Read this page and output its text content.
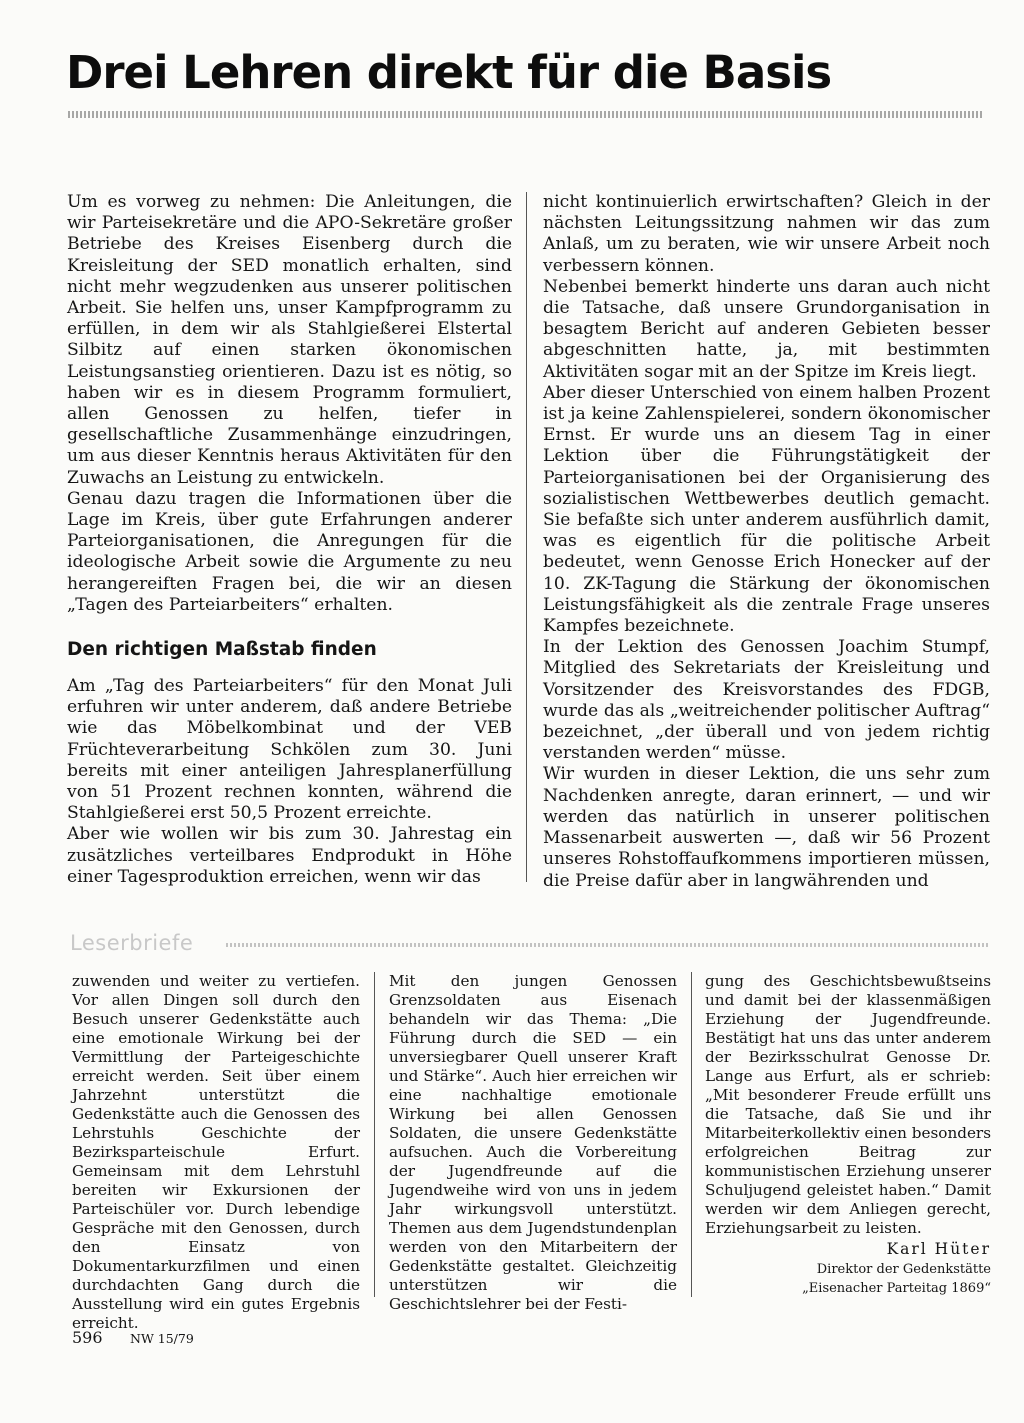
Drei Lehren direkt für die Basis

Um es vorweg zu nehmen: Die Anleitungen, die wir Parteisekretäre und die APO-Sekretäre großer Betriebe des Kreises Eisenberg durch die Kreisleitung der SED monatlich erhalten, sind nicht mehr wegzudenken aus unserer politischen Arbeit. Sie helfen uns, unser Kampfprogramm zu erfüllen, in dem wir als Stahlgießerei Elstertal Silbitz auf einen starken ökonomischen Leistungsanstieg orientieren. Dazu ist es nötig, so haben wir es in diesem Programm formuliert, allen Genossen zu helfen, tiefer in gesellschaftliche Zusammenhänge einzudringen, um aus dieser Kenntnis heraus Aktivitäten für den Zuwachs an Leistung zu entwickeln.

Genau dazu tragen die Informationen über die Lage im Kreis, über gute Erfahrungen anderer Parteiorganisationen, die Anregungen für die ideologische Arbeit sowie die Argumente zu neu herangereiften Fragen bei, die wir an diesen „Tagen des Parteiarbeiters“ erhalten.

Den richtigen Maßstab finden

Am „Tag des Parteiarbeiters“ für den Monat Juli erfuhren wir unter anderem, daß andere Betriebe wie das Möbelkombinat und der VEB Früchteverarbeitung Schkölen zum 30. Juni bereits mit einer anteiligen Jahresplanerfüllung von 51 Prozent rechnen konnten, während die Stahlgießerei erst 50,5 Prozent erreichte.

Aber wie wollen wir bis zum 30. Jahrestag ein zusätzliches verteilbares Endprodukt in Höhe einer Tagesproduktion erreichen, wenn wir das

nicht kontinuierlich erwirtschaften? Gleich in der nächsten Leitungssitzung nahmen wir das zum Anlaß, um zu beraten, wie wir unsere Arbeit noch verbessern können.

Nebenbei bemerkt hinderte uns daran auch nicht die Tatsache, daß unsere Grundorganisation in besagtem Bericht auf anderen Gebieten besser abgeschnitten hatte, ja, mit bestimmten Aktivitäten sogar mit an der Spitze im Kreis liegt.

Aber dieser Unterschied von einem halben Prozent ist ja keine Zahlenspielerei, sondern ökonomischer Ernst. Er wurde uns an diesem Tag in einer Lektion über die Führungstätigkeit der Parteiorganisationen bei der Organisierung des sozialistischen Wettbewerbes deutlich gemacht. Sie befaßte sich unter anderem ausführlich damit, was es eigentlich für die politische Arbeit bedeutet, wenn Genosse Erich Honecker auf der 10. ZK-Tagung die Stärkung der ökonomischen Leistungsfähigkeit als die zentrale Frage unseres Kampfes bezeichnete.

In der Lektion des Genossen Joachim Stumpf, Mitglied des Sekretariats der Kreisleitung und Vorsitzender des Kreisvorstandes des FDGB, wurde das als „weitreichender politischer Auftrag“ bezeichnet, „der überall und von jedem richtig verstanden werden“ müsse.

Wir wurden in dieser Lektion, die uns sehr zum Nachdenken anregte, daran erinnert, — und wir werden das natürlich in unserer politischen Massenarbeit auswerten —, daß wir 56 Prozent unseres Rohstoffaufkommens importieren müssen, die Preise dafür aber in langwährenden und

Leserbriefe

zuwenden und weiter zu vertiefen. Vor allen Dingen soll durch den Besuch unserer Gedenkstätte auch eine emotionale Wirkung bei der Vermittlung der Parteigeschichte erreicht werden. Seit über einem Jahrzehnt unterstützt die Gedenkstätte auch die Genossen des Lehrstuhls Geschichte der Bezirksparteischule Erfurt. Gemeinsam mit dem Lehrstuhl bereiten wir Exkursionen der Parteischüler vor. Durch lebendige Gespräche mit den Genossen, durch den Einsatz von Dokumentarkurzfilmen und einen durchdachten Gang durch die Ausstellung wird ein gutes Ergebnis erreicht.

Mit den jungen Genossen Grenzsoldaten aus Eisenach behandeln wir das Thema: „Die Führung durch die SED — ein unversiegbarer Quell unserer Kraft und Stärke“. Auch hier erreichen wir eine nachhaltige emotionale Wirkung bei allen Genossen Soldaten, die unsere Gedenkstätte aufsuchen. Auch die Vorbereitung der Jugendfreunde auf die Jugendweihe wird von uns in jedem Jahr wirkungsvoll unterstützt. Themen aus dem Jugendstundenplan werden von den Mitarbeitern der Gedenkstätte gestaltet. Gleichzeitig unterstützen wir die Geschichtslehrer bei der Festi-

gung des Geschichtsbewußtseins und damit bei der klassenmäßigen Erziehung der Jugendfreunde. Bestätigt hat uns das unter anderem der Bezirksschulrat Genosse Dr. Lange aus Erfurt, als er schrieb: „Mit besonderer Freude erfüllt uns die Tatsache, daß Sie und ihr Mitarbeiterkollektiv einen besonders erfolgreichen Beitrag zur kommunistischen Erziehung unserer Schuljugend geleistet haben.“ Damit werden wir dem Anliegen gerecht, Erziehungsarbeit zu leisten.

Karl Hüter
Direktor der Gedenkstätte
„Eisenacher Parteitag 1869“

596 NW 15/79
